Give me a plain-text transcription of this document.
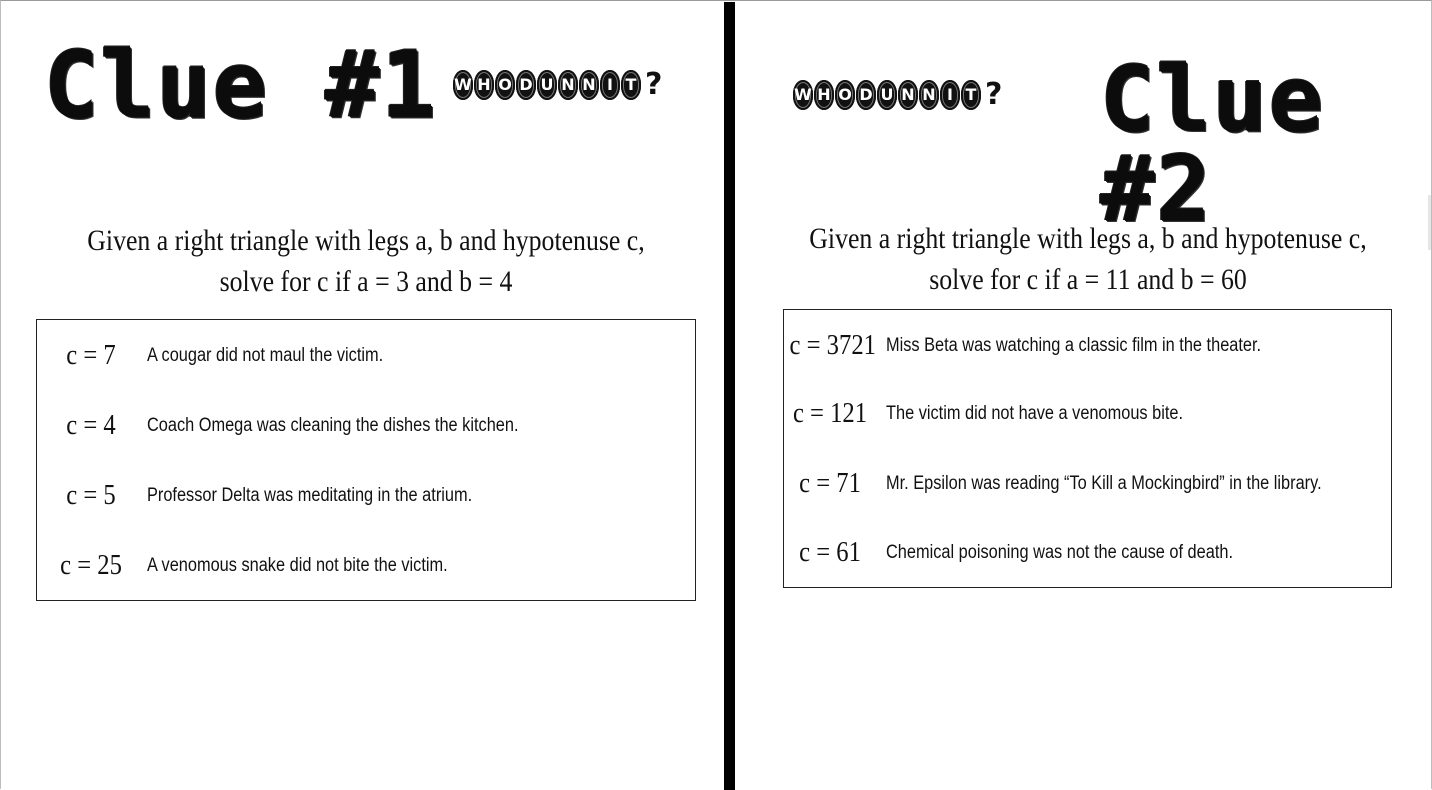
Clue #1 W H O D U N N I T ?

Given a right triangle with legs a, b and hypotenuse c,
solve for c if a = 3 and b = 4

c = 7	A cougar did not maul the victim.
c = 4	Coach Omega was cleaning the dishes the kitchen.
c = 5	Professor Delta was meditating in the atrium.
c = 25	A venomous snake did not bite the victim.
W H O D U N N I T ? Clue #2

Given a right triangle with legs a, b and hypotenuse c,
solve for c if a = 11 and b = 60

c = 3721 Miss Beta was watching a classic film in the theater.
c = 121 The victim did not have a venomous bite.
c = 71	Mr. Epsilon was reading “To Kill a Mockingbird” in the library.
c = 61	Chemical poisoning was not the cause of death.
